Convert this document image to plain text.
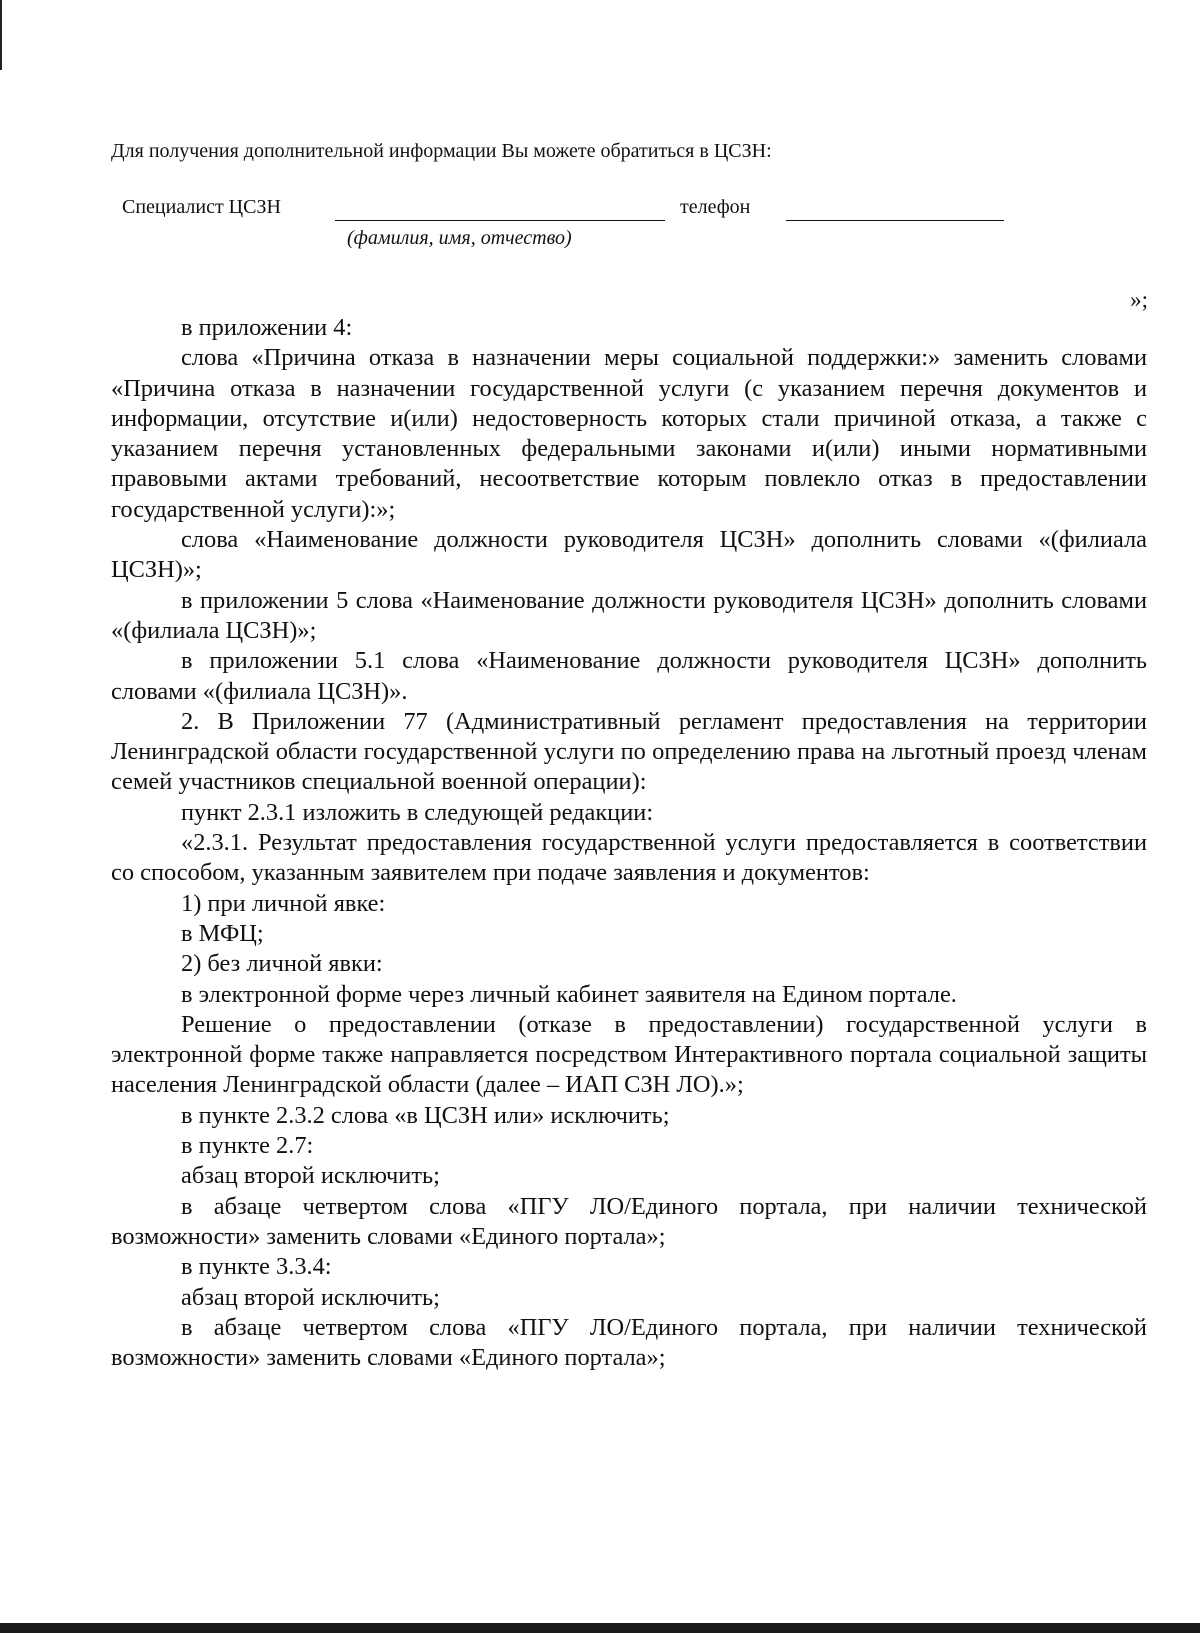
Для получения дополнительной информации Вы можете обратиться в ЦСЗН:
Специалист ЦСЗН	телефон
(фамилия, имя, отчество)
»;

в приложении 4:

слова «Причина отказа в назначении меры социальной поддержки:» заменить словами «Причина отказа в назначении государственной услуги (с указанием перечня документов и информации, отсутствие и(или) недостоверность которых стали причиной отказа, а также с указанием перечня установленных федеральными законами и(или) иными нормативными правовыми актами требований, несоответствие которым повлекло отказ в предоставлении государственной услуги):»;

слова «Наименование должности руководителя ЦСЗН» дополнить словами «(филиала ЦСЗН)»;

в приложении 5 слова «Наименование должности руководителя ЦСЗН» дополнить словами «(филиала ЦСЗН)»;

в приложении 5.1 слова «Наименование должности руководителя ЦСЗН» дополнить словами «(филиала ЦСЗН)».

2. В Приложении 77 (Административный регламент предоставления на территории Ленинградской области государственной услуги по определению права на льготный проезд членам семей участников специальной военной операции):

пункт 2.3.1 изложить в следующей редакции:

«2.3.1. Результат предоставления государственной услуги предоставляется в соответствии со способом, указанным заявителем при подаче заявления и документов:

1) при личной явке:

в МФЦ;

2) без личной явки:

в электронной форме через личный кабинет заявителя на Едином портале.

Решение о предоставлении (отказе в предоставлении) государственной услуги в электронной форме также направляется посредством Интерактивного портала социальной защиты населения Ленинградской области (далее – ИАП СЗН ЛО).»;

в пункте 2.3.2 слова «в ЦСЗН или» исключить;

в пункте 2.7:

абзац второй исключить;

в абзаце четвертом слова «ПГУ ЛО/Единого портала, при наличии технической возможности» заменить словами «Единого портала»;

в пункте 3.3.4:

абзац второй исключить;

в абзаце четвертом слова «ПГУ ЛО/Единого портала, при наличии технической возможности» заменить словами «Единого портала»;
